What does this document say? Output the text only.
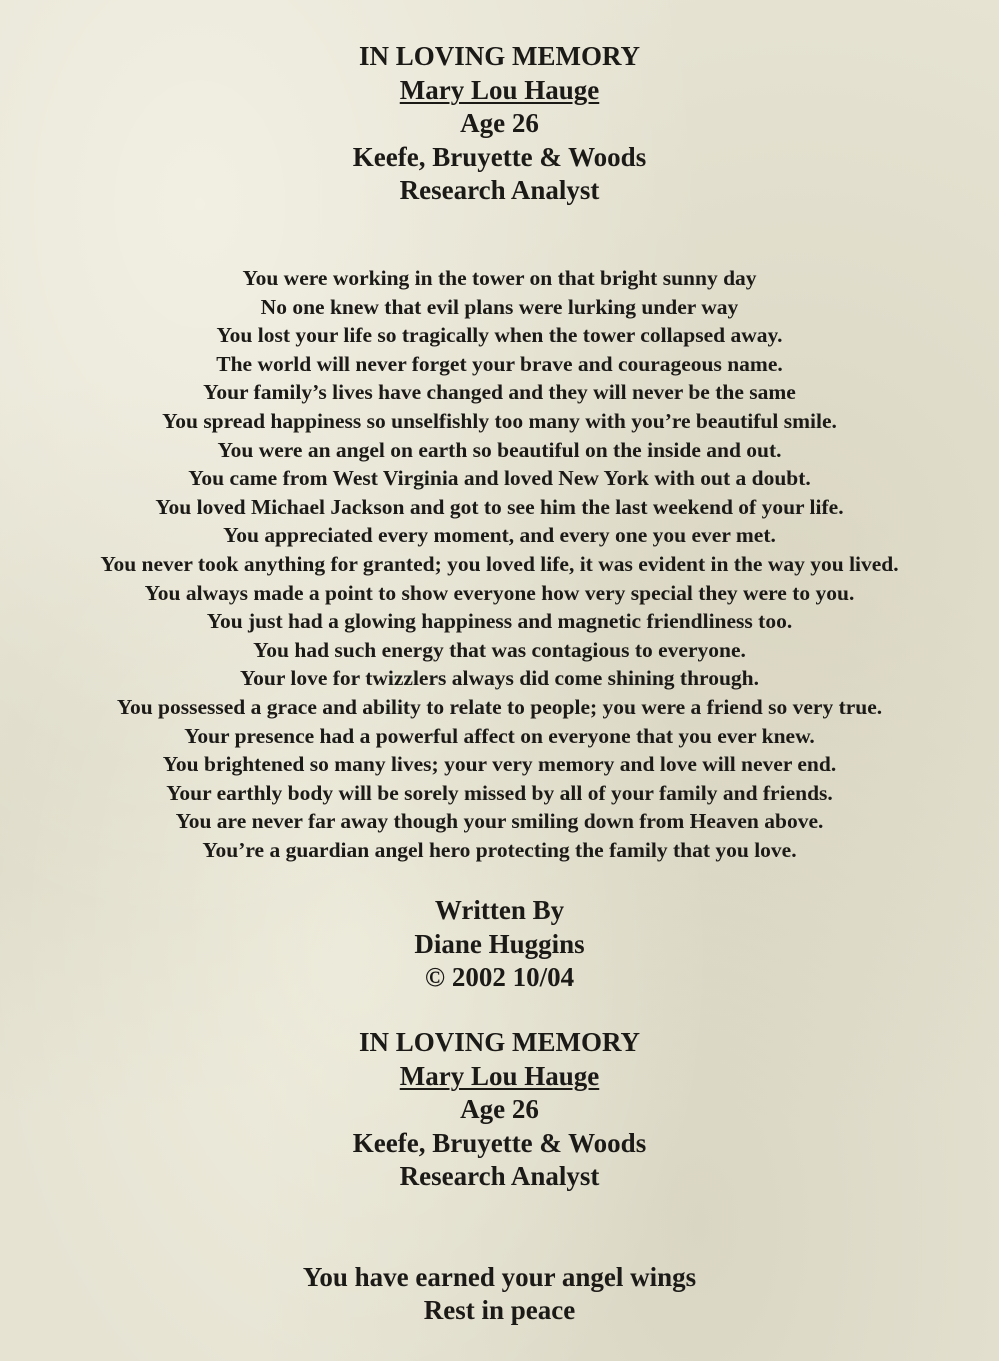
IN LOVING MEMORY
Mary Lou Hauge
Age 26
Keefe, Bruyette & Woods
Research Analyst
You were working in the tower on that bright sunny day
No one knew that evil plans were lurking under way
You lost your life so tragically when the tower collapsed away.
The world will never forget your brave and courageous name.
Your family’s lives have changed and they will never be the same
You spread happiness so unselfishly too many with you’re beautiful smile.
You were an angel on earth so beautiful on the inside and out.
You came from West Virginia and loved New York with out a doubt.
You loved Michael Jackson and got to see him the last weekend of your life.
You appreciated every moment, and every one you ever met.
You never took anything for granted; you loved life, it was evident in the way you lived.
You always made a point to show everyone how very special they were to you.
You just had a glowing happiness and magnetic friendliness too.
You had such energy that was contagious to everyone.
Your love for twizzlers always did come shining through.
You possessed a grace and ability to relate to people; you were a friend so very true.
Your presence had a powerful affect on everyone that you ever knew.
You brightened so many lives; your very memory and love will never end.
Your earthly body will be sorely missed by all of your family and friends.
You are never far away though your smiling down from Heaven above.
You’re a guardian angel hero protecting the family that you love.
Written By
Diane Huggins
© 2002 10/04
IN LOVING MEMORY
Mary Lou Hauge
Age 26
Keefe, Bruyette & Woods
Research Analyst
You have earned your angel wings
Rest in peace
